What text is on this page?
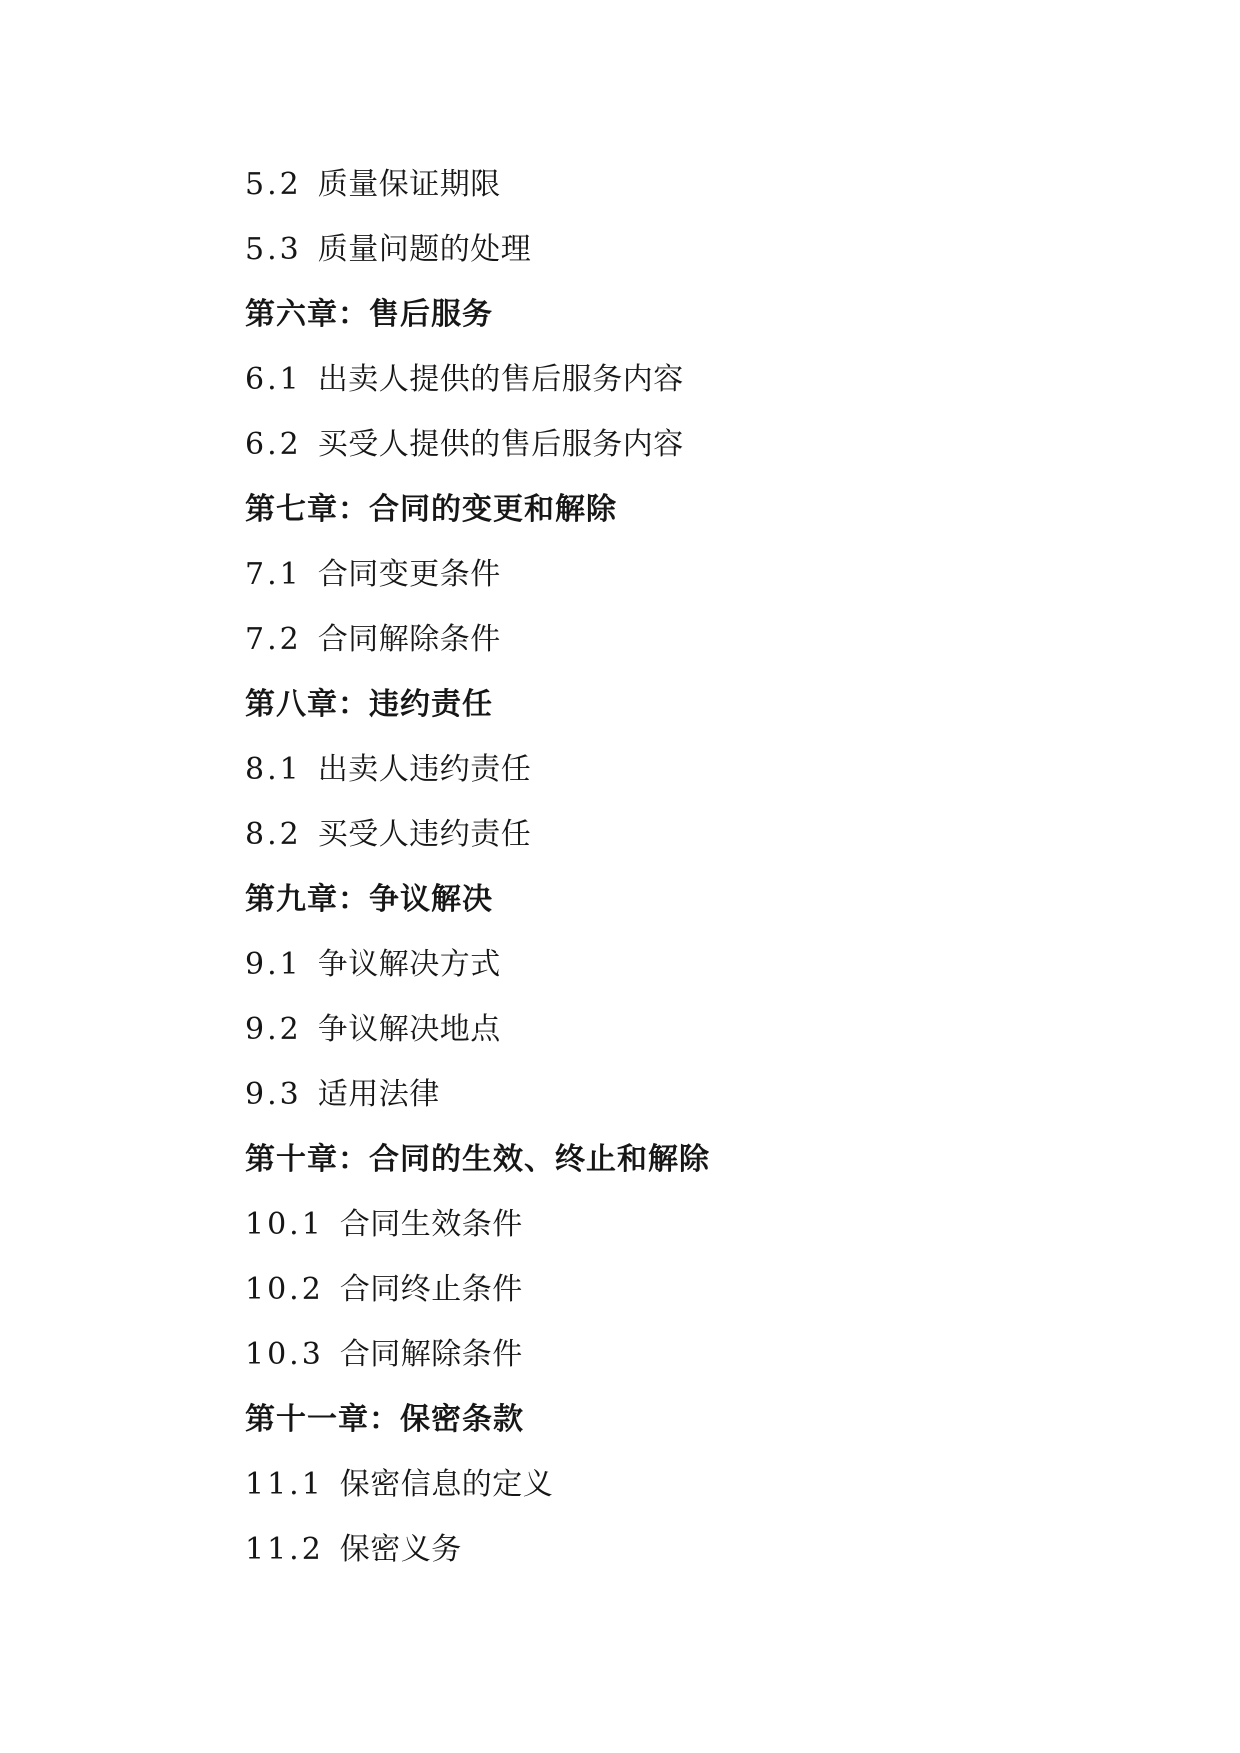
5.2 质量保证期限
5.3 质量问题的处理
第六章：售后服务
6.1 出卖人提供的售后服务内容
6.2 买受人提供的售后服务内容
第七章：合同的变更和解除
7.1 合同变更条件
7.2 合同解除条件
第八章：违约责任
8.1 出卖人违约责任
8.2 买受人违约责任
第九章：争议解决
9.1 争议解决方式
9.2 争议解决地点
9.3 适用法律
第十章：合同的生效、终止和解除
10.1 合同生效条件
10.2 合同终止条件
10.3 合同解除条件
第十一章：保密条款
11.1 保密信息的定义
11.2 保密义务
